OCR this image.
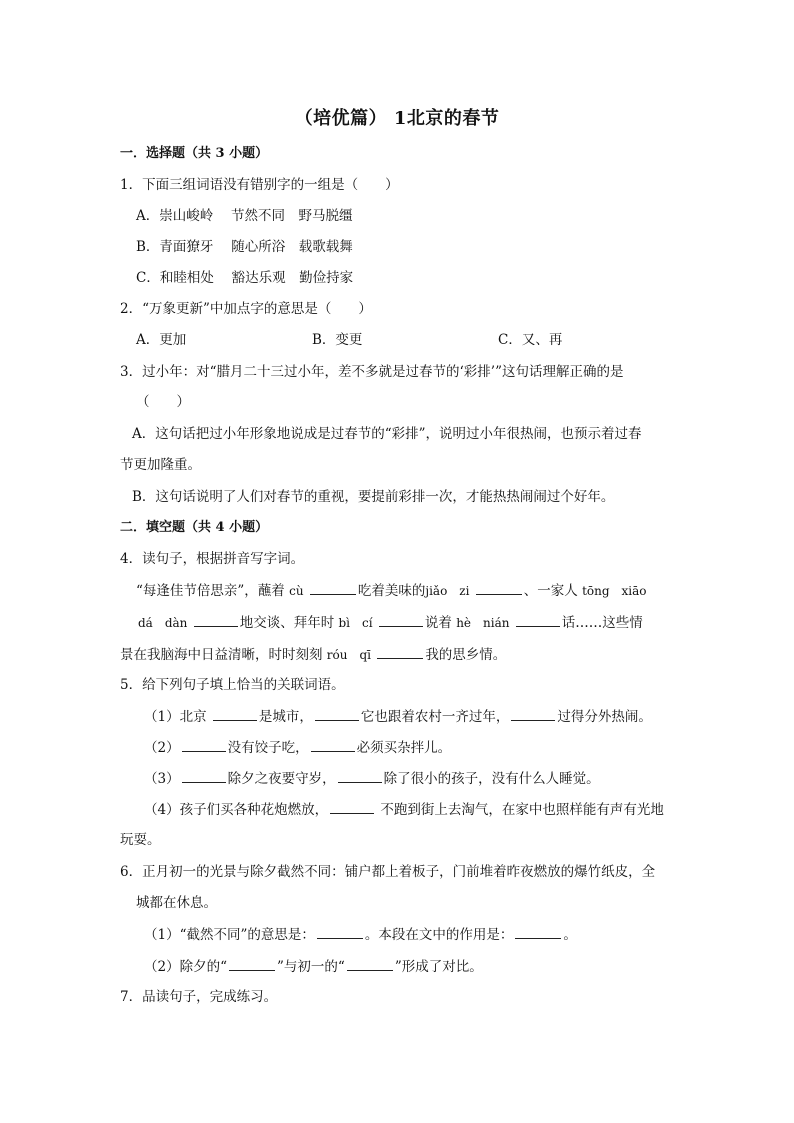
（培优篇） 1北京的春节
一．选择题（共 3 小题）
1．下面三组词语没有错别字的一组是（　　）
A．崇山峻岭　 节然不同　野马脱缰
B．青面獠牙　 随心所浴　载歌载舞
C．和睦相处　 豁达乐观　勤俭持家
2．“万象更新”中加点字的意思是（　　）
A．更加	B．变更	C．又、再
3．过小年：对“腊月二十三过小年，差不多就是过春节的‘彩排’”这句话理解正确的是
（　　）
A．这句话把过小年形象地说成是过春节的“彩排”，说明过小年很热闹，也预示着过春
节更加隆重。
B．这句话说明了人们对春节的重视，要提前彩排一次，才能热热闹闹过个好年。
二．填空题（共 4 小题）
4．读句子，根据拼音写字词。
“每逢佳节倍思亲”，蘸着 cù	吃着美味的jiǎo　zi	、一家人 tōng　xiāo
dá　dàn	地交谈、拜年时 bì　cí	说着 hè　nián	话……这些情
景在我脑海中日益清晰，时时刻刻 róu　qī	我的思乡情。
5．给下列句子填上恰当的关联词语。
（1）北京	是城市，	它也跟着农村一齐过年，	过得分外热闹。
（2）	没有饺子吃，	必须买杂拌儿。
（3）	除夕之夜要守岁，	除了很小的孩子，没有什么人睡觉。
（4）孩子们买各种花炮燃放，	不跑到街上去淘气，在家中也照样能有声有光地
玩耍。
6．正月初一的光景与除夕截然不同：铺户都上着板子，门前堆着昨夜燃放的爆竹纸皮，全
城都在休息。
（1）“截然不同”的意思是：	。本段在文中的作用是：	。
（2）除夕的“	”与初一的“	”形成了对比。
7．品读句子，完成练习。
